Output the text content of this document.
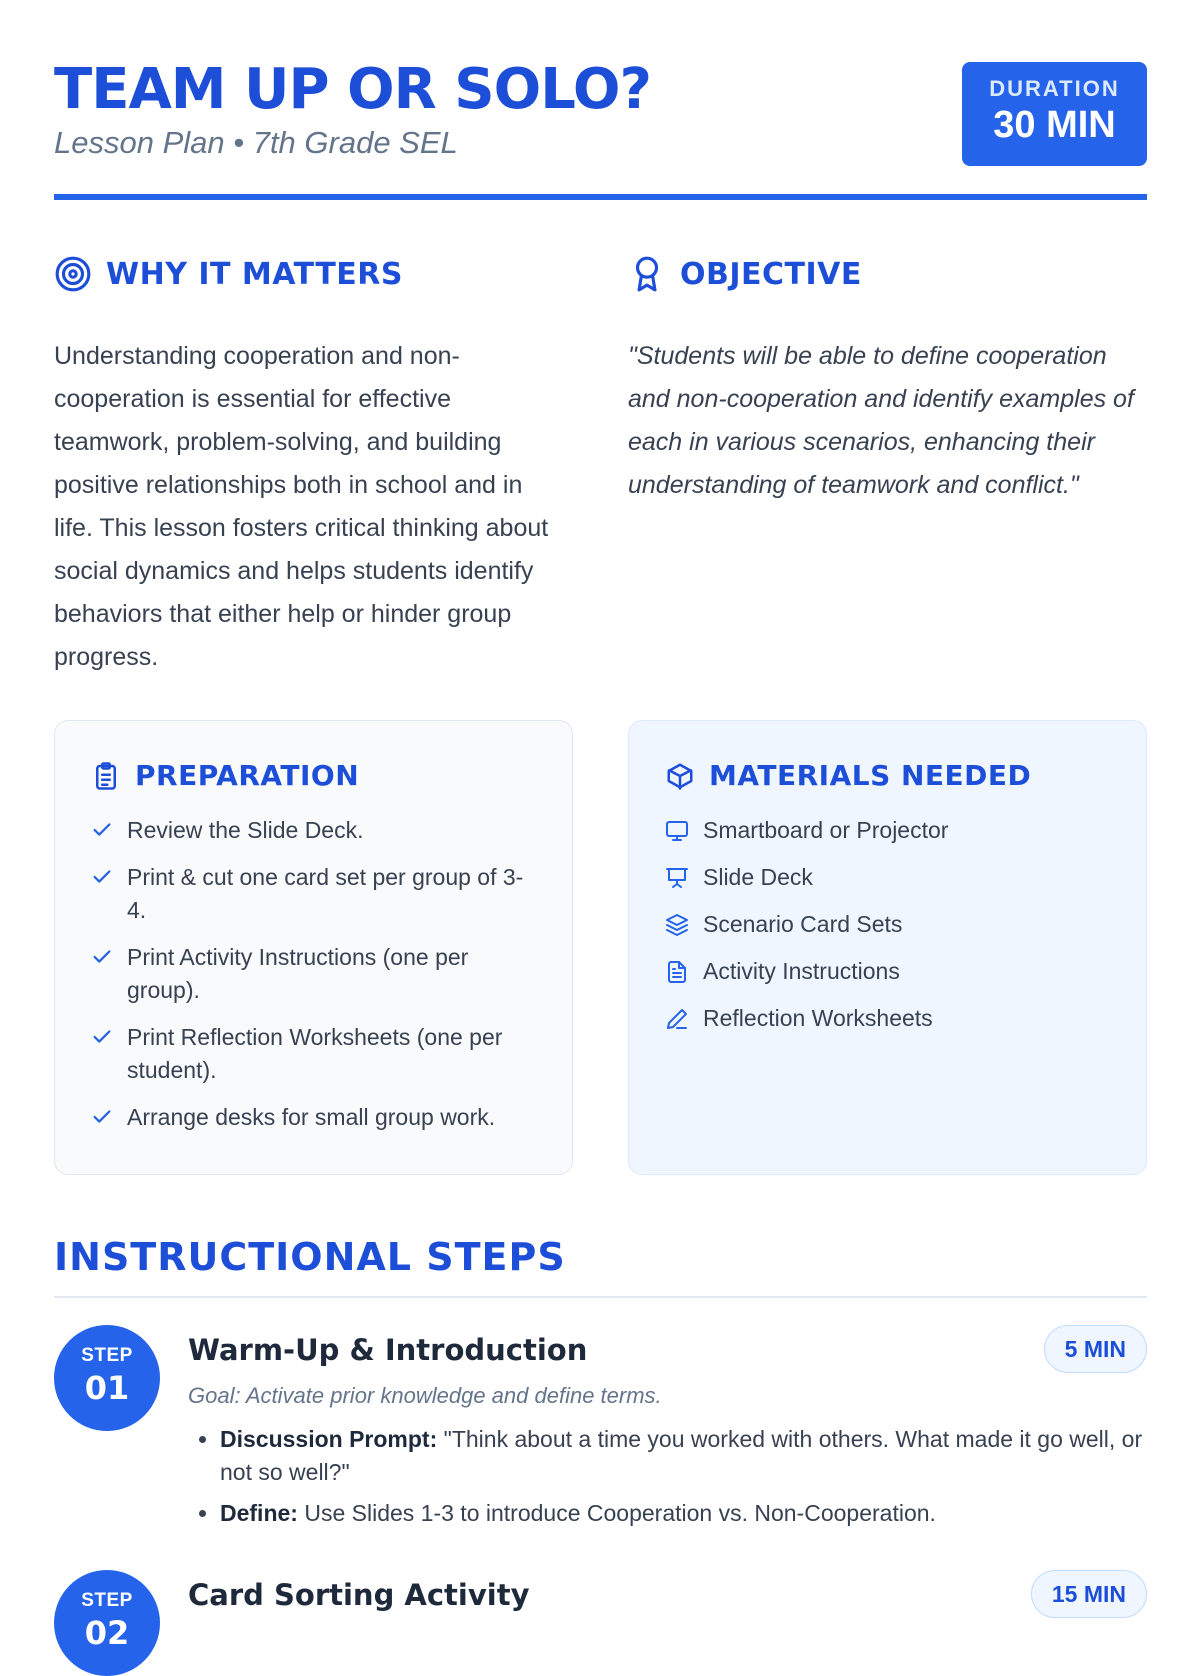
TEAM UP OR SOLO?
Lesson Plan • 7th Grade SEL
DURATION
30 MIN
WHY IT MATTERS
Understanding cooperation and non-cooperation is essential for effective teamwork, problem-solving, and building positive relationships both in school and in life. This lesson fosters critical thinking about social dynamics and helps students identify behaviors that either help or hinder group progress.
OBJECTIVE
"Students will be able to define cooperation and non-cooperation and identify examples of each in various scenarios, enhancing their understanding of teamwork and conflict."
PREPARATION
Review the Slide Deck.
Print & cut one card set per group of 3-4.
Print Activity Instructions (one per group).
Print Reflection Worksheets (one per student).
Arrange desks for small group work.
MATERIALS NEEDED
Smartboard or Projector
Slide Deck
Scenario Card Sets
Activity Instructions
Reflection Worksheets
INSTRUCTIONAL STEPS
STEP
01
Warm-Up & Introduction	5 MIN
Goal: Activate prior knowledge and define terms.
• Discussion Prompt: "Think about a time you worked with others. What made it go well, or not so well?"
• Define: Use Slides 1-3 to introduce Cooperation vs. Non-Cooperation.
STEP
02
Card Sorting Activity	15 MIN
